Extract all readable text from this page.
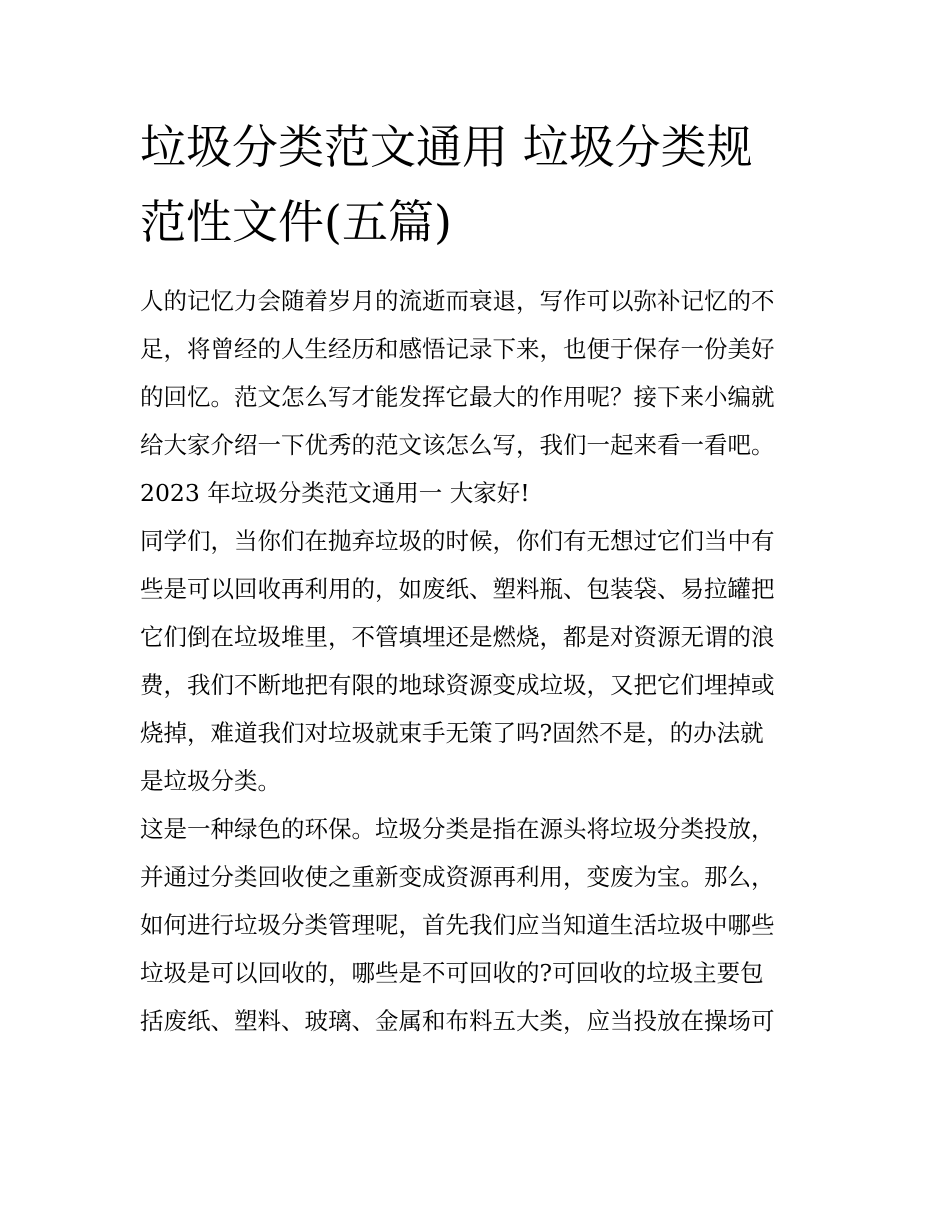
垃圾分类范文通用 垃圾分类规
范性文件(五篇)
人的记忆力会随着岁月的流逝而衰退，写作可以弥补记忆的不
足，将曾经的人生经历和感悟记录下来，也便于保存一份美好
的回忆。范文怎么写才能发挥它最大的作用呢？接下来小编就
给大家介绍一下优秀的范文该怎么写，我们一起来看一看吧。
2023 年垃圾分类范文通用一 大家好!
同学们，当你们在抛弃垃圾的时候，你们有无想过它们当中有
些是可以回收再利用的，如废纸、塑料瓶、包装袋、易拉罐把
它们倒在垃圾堆里，不管填埋还是燃烧，都是对资源无谓的浪
费，我们不断地把有限的地球资源变成垃圾，又把它们埋掉或
烧掉，难道我们对垃圾就束手无策了吗?固然不是，的办法就
是垃圾分类。
这是一种绿色的环保。垃圾分类是指在源头将垃圾分类投放，
并通过分类回收使之重新变成资源再利用，变废为宝。那么，
如何进行垃圾分类管理呢，首先我们应当知道生活垃圾中哪些
垃圾是可以回收的，哪些是不可回收的?可回收的垃圾主要包
括废纸、塑料、玻璃、金属和布料五大类，应当投放在操场可
